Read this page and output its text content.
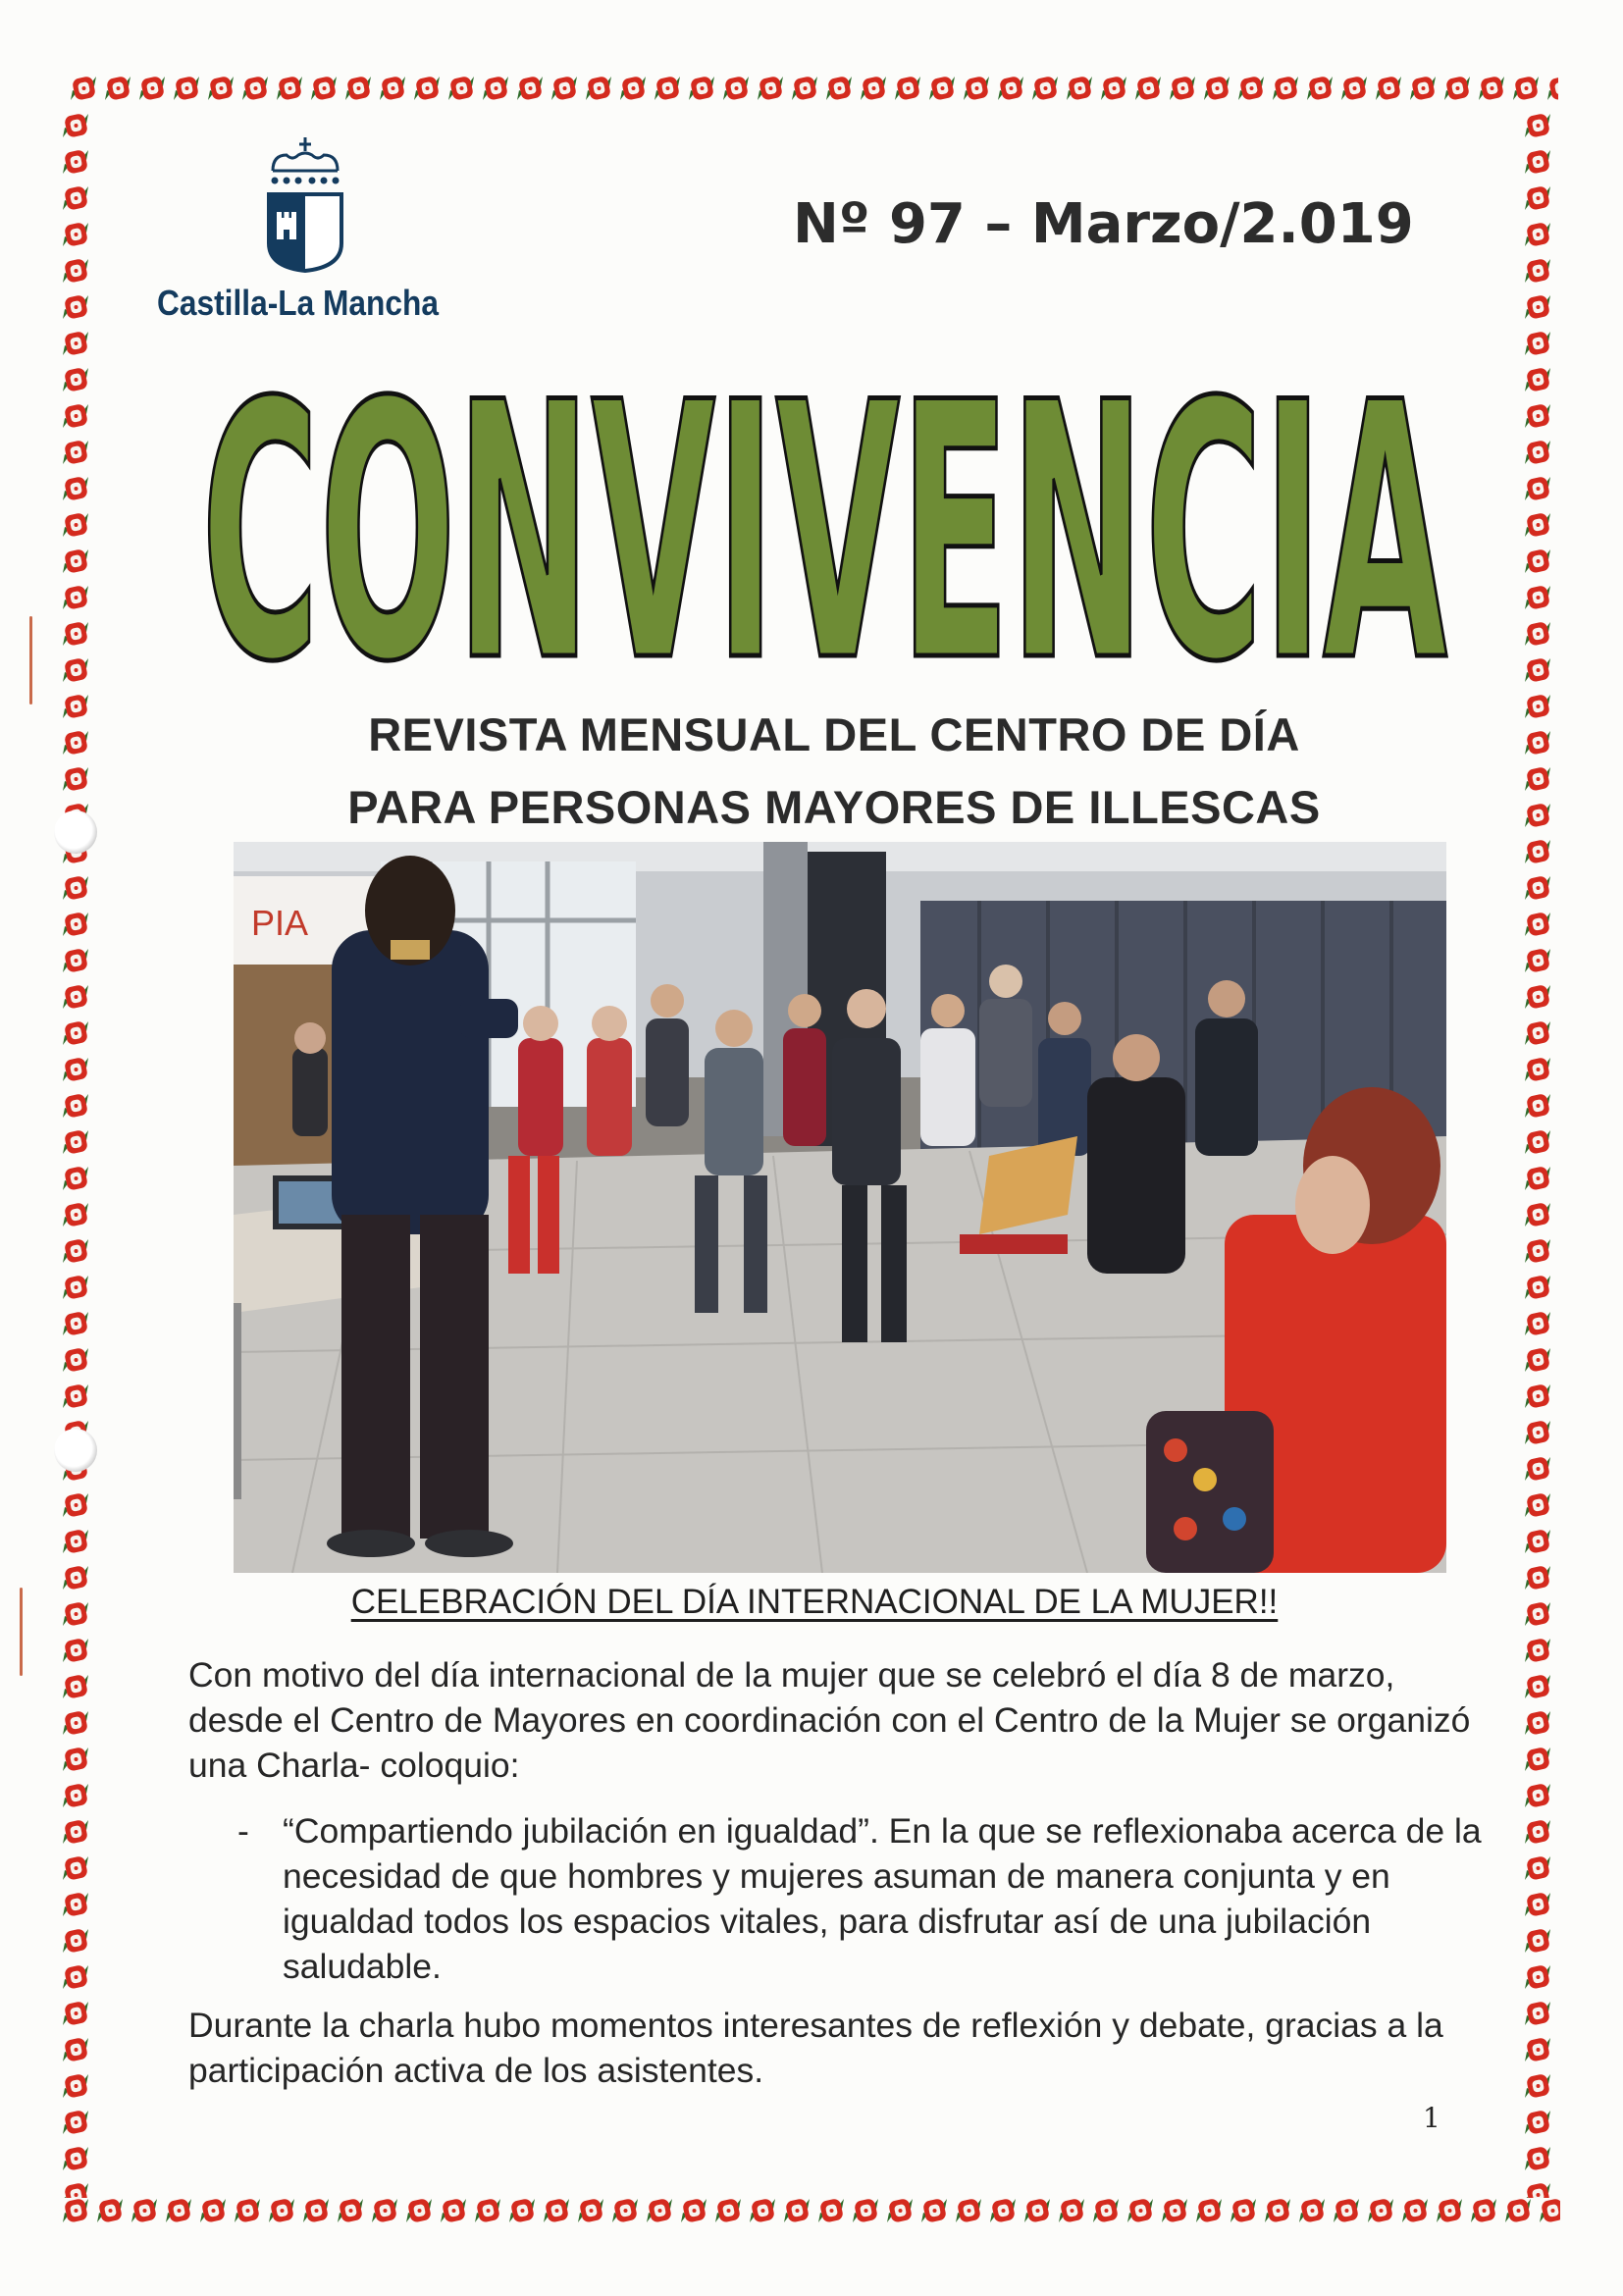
Castilla-La Mancha
Nº 97 – Marzo/2.019
CONVIVENCIA
REVISTA MENSUAL DEL CENTRO DE DÍA
PARA PERSONAS MAYORES DE ILLESCAS
PIA
CELEBRACIÓN DEL DÍA INTERNACIONAL DE LA MUJER!!
Con motivo del día internacional de la mujer que se celebró el día 8 de marzo, desde el Centro de Mayores en coordinación con el Centro de la Mujer se organizó una Charla- coloquio:
- “Compartiendo jubilación en igualdad”. En la que se reflexionaba acerca de la necesidad de que hombres y mujeres asuman de manera conjunta y en igualdad todos los espacios vitales, para disfrutar así de una jubilación saludable.
Durante la charla hubo momentos interesantes de reflexión y debate, gracias a la participación activa de los asistentes.
1
